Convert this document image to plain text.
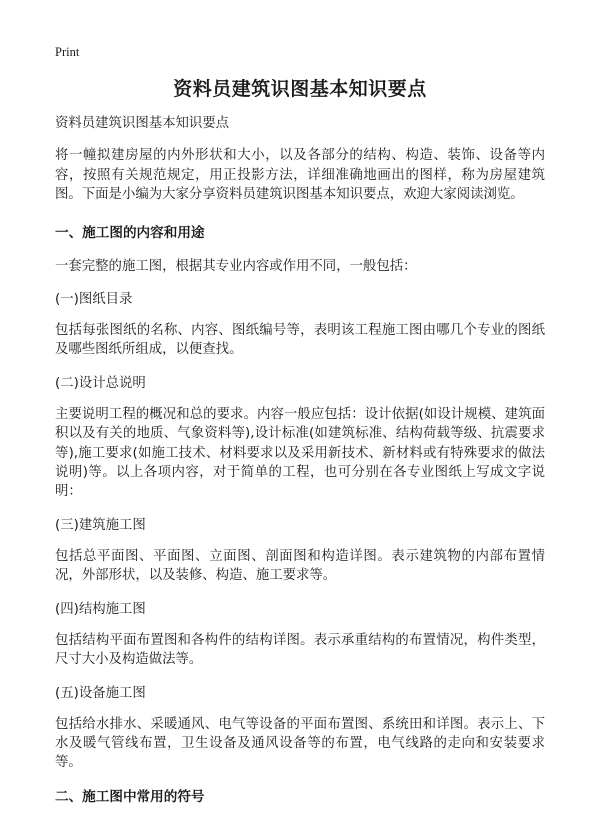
Print
资料员建筑识图基本知识要点

资料员建筑识图基本知识要点

将一幢拟建房屋的内外形状和大小，以及各部分的结构、构造、装饰、设备等内容，按照有关规范规定，用正投影方法，详细准确地画出的图样，称为房屋建筑图。下面是小编为大家分享资料员建筑识图基本知识要点，欢迎大家阅读浏览。

一、施工图的内容和用途

一套完整的施工图，根据其专业内容或作用不同，一般包括：

(一)图纸目录

包括每张图纸的名称、内容、图纸编号等，表明该工程施工图由哪几个专业的图纸及哪些图纸所组成，以便查找。

(二)设计总说明

主要说明工程的概况和总的要求。内容一般应包括：设计依据(如设计规模、建筑面积以及有关的地质、气象资料等),设计标准(如建筑标准、结构荷载等级、抗震要求等),施工要求(如施工技术、材料要求以及采用新技术、新材料或有特殊要求的做法说明)等。以上各项内容，对于简单的工程，也可分别在各专业图纸上写成文字说明：

(三)建筑施工图

包括总平面图、平面图、立面图、剖面图和构造详图。表示建筑物的内部布置情况，外部形状，以及装修、构造、施工要求等。

(四)结构施工图

包括结构平面布置图和各构件的结构详图。表示承重结构的布置情况，构件类型，尺寸大小及构造做法等。

(五)设备施工图

包括给水排水、采暖通风、电气等设备的平面布置图、系统田和详图。表示上、下水及暖气管线布置，卫生设备及通风设备等的布置，电气线路的走向和安装要求等。

二、施工图中常用的符号
